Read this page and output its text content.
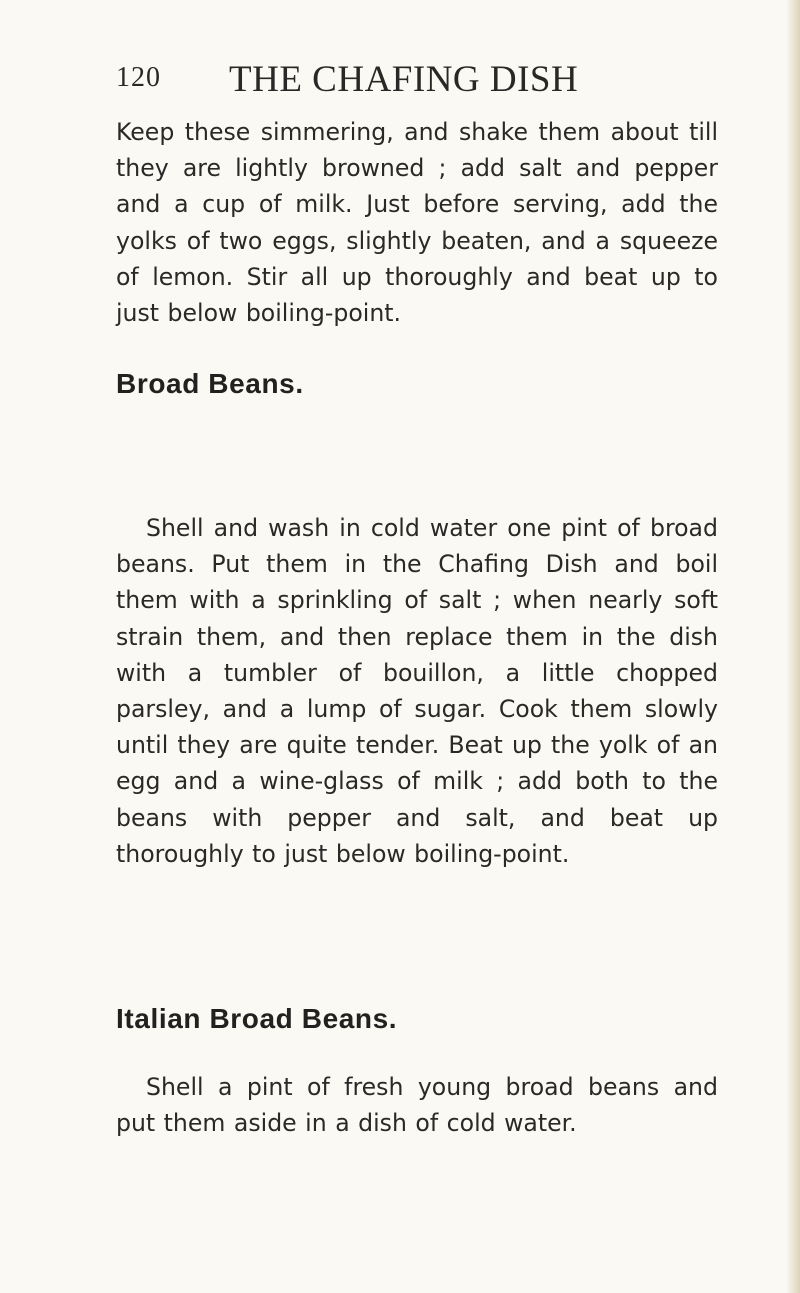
120 THE CHAFING DISH

Keep these simmering, and shake them about till they are lightly browned ; add salt and pepper and a cup of milk. Just before serving, add the yolks of two eggs, slightly beaten, and a squeeze of lemon. Stir all up thoroughly and beat up to just below boiling-point.

Broad Beans.

Shell and wash in cold water one pint of broad beans. Put them in the Chafing Dish and boil them with a sprinkling of salt ; when nearly soft strain them, and then replace them in the dish with a tumbler of bouillon, a little chopped parsley, and a lump of sugar. Cook them slowly until they are quite tender. Beat up the yolk of an egg and a wine-glass of milk ; add both to the beans with pepper and salt, and beat up thoroughly to just below boiling-point.

Italian Broad Beans.

Shell a pint of fresh young broad beans and put them aside in a dish of cold water.
